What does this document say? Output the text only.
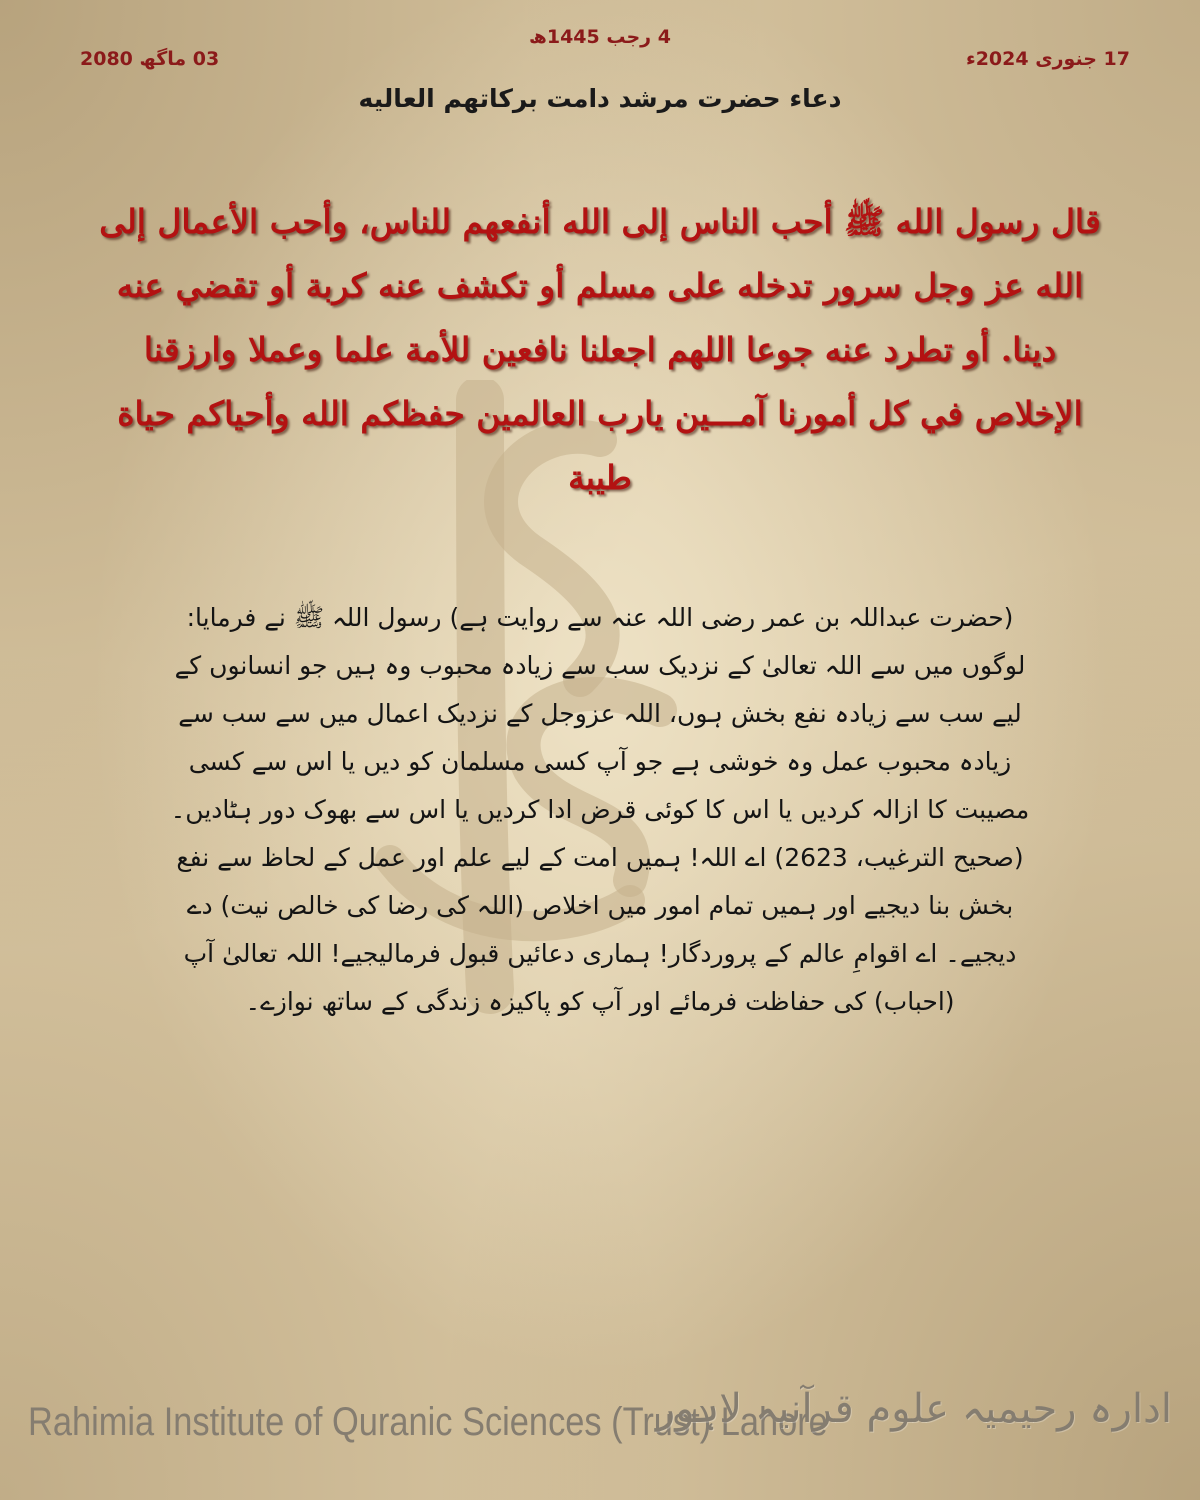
4 رجب 1445ھ
17 جنوری 2024ء
03 ماگھ 2080
دعاء حضرت مرشد دامت برکاتھم العالیه
قال رسول الله ﷺ أحب الناس إلى الله أنفعهم للناس، وأحب الأعمال إلى الله عز وجل سرور تدخله على مسلم أو تكشف عنه كربة أو تقضي عنه دينا. أو تطرد عنه جوعا اللهم اجعلنا نافعين للأمة علما وعملا وارزقنا الإخلاص في كل أمورنا آمـــين يارب العالمين حفظكم الله وأحياكم حياة طيبة
(حضرت عبداللہ بن عمر رضی اللہ عنہ سے روایت ہے) رسول اللہ ﷺ نے فرمایا: لوگوں میں سے اللہ تعالیٰ کے نزدیک سب سے زیادہ محبوب وہ ہیں جو انسانوں کے لیے سب سے زیادہ نفع بخش ہوں، اللہ عزوجل کے نزدیک اعمال میں سے سب سے زیادہ محبوب عمل وہ خوشی ہے جو آپ کسی مسلمان کو دیں یا اس سے کسی مصیبت کا ازالہ کردیں یا اس کا کوئی قرض ادا کردیں یا اس سے بھوک دور ہٹادیں۔ (صحیح الترغیب، 2623) اے اللہ! ہمیں امت کے لیے علم اور عمل کے لحاظ سے نفع بخش بنا دیجیے اور ہمیں تمام امور میں اخلاص (اللہ کی رضا کی خالص نیت) دے دیجیے۔ اے اقوامِ عالم کے پروردگار! ہماری دعائیں قبول فرمالیجیے! اللہ تعالیٰ آپ (احباب) کی حفاظت فرمائے اور آپ کو پاکیزہ زندگی کے ساتھ نوازے۔
Rahimia Institute of Quranic Sciences (Trust) Lahore
ادارہ رحیمیہ علوم قرآنیہ لاہور
